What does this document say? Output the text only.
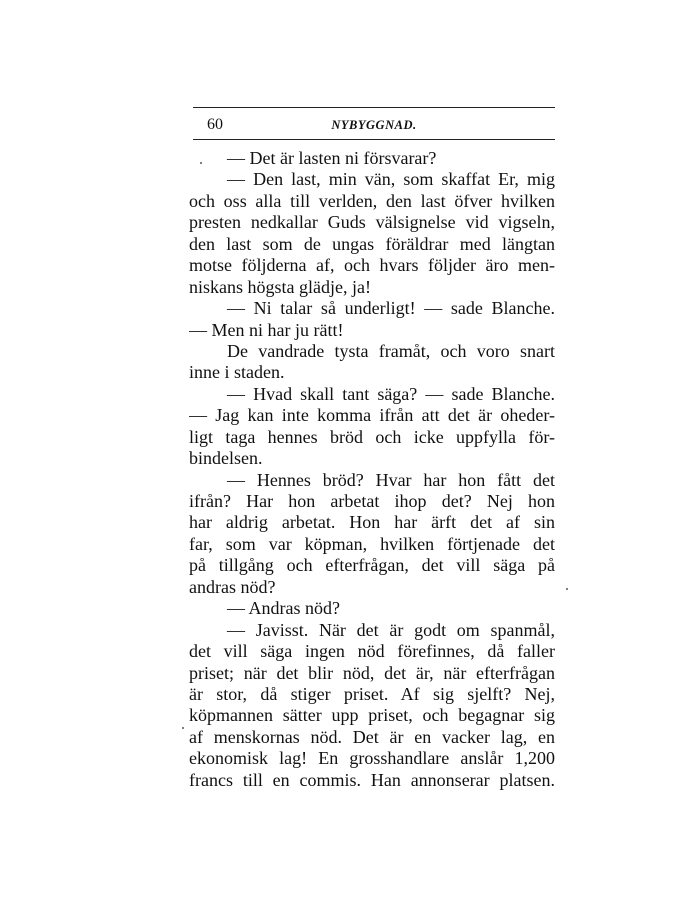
60	NYBYGGNAD.
— Det är lasten ni försvarar?
— Den last, min vän, som skaffat Er, mig
och oss alla till verlden, den last öfver hvilken
presten nedkallar Guds välsignelse vid vigseln,
den last som de ungas föräldrar med längtan
motse följderna af, och hvars följder äro men-
niskans högsta glädje, ja!
— Ni talar så underligt! — sade Blanche.
— Men ni har ju rätt!
De vandrade tysta framåt, och voro snart
inne i staden.
— Hvad skall tant säga? — sade Blanche.
— Jag kan inte komma ifrån att det är oheder-
ligt taga hennes bröd och icke uppfylla för-
bindelsen.
— Hennes bröd? Hvar har hon fått det
ifrån? Har hon arbetat ihop det? Nej hon
har aldrig arbetat. Hon har ärft det af sin
far, som var köpman, hvilken förtjenade det
på tillgång och efterfrågan, det vill säga på
andras nöd?
— Andras nöd?
— Javisst. När det är godt om spanmål,
det vill säga ingen nöd förefinnes, då faller
priset; när det blir nöd, det är, när efterfrågan
är stor, då stiger priset. Af sig sjelft? Nej,
köpmannen sätter upp priset, och begagnar sig
af menskornas nöd. Det är en vacker lag, en
ekonomisk lag! En grosshandlare anslår 1,200
francs till en commis. Han annonserar platsen.
